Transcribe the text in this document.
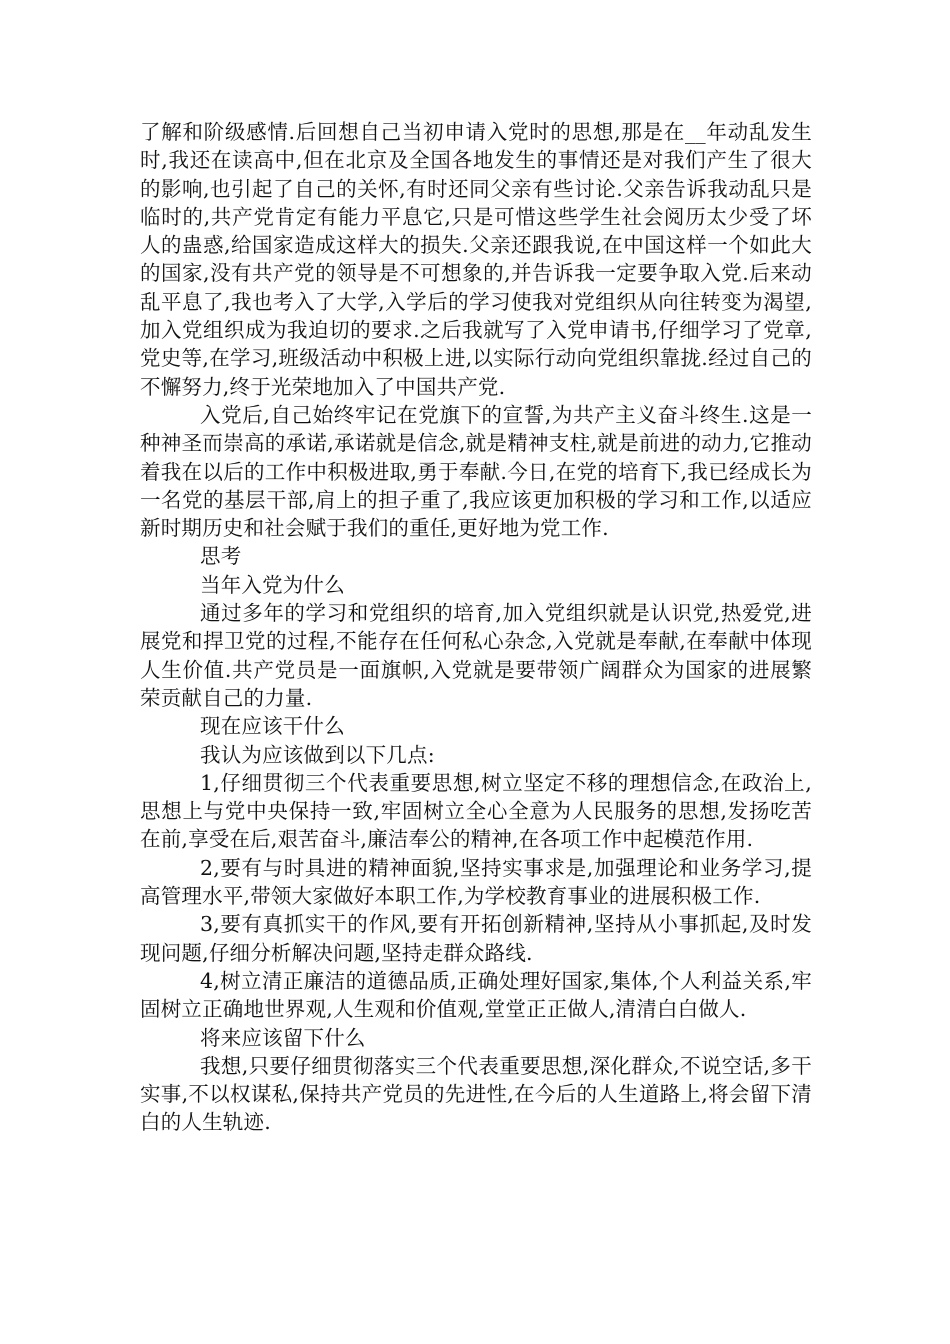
了解和阶级感情.后回想自己当初申请入党时的思想,那是在__年动乱发生时,我还在读高中,但在北京及全国各地发生的事情还是对我们产生了很大的影响,也引起了自己的关怀,有时还同父亲有些讨论.父亲告诉我动乱只是临时的,共产党肯定有能力平息它,只是可惜这些学生社会阅历太少受了坏人的蛊惑,给国家造成这样大的损失.父亲还跟我说,在中国这样一个如此大的国家,没有共产党的领导是不可想象的,并告诉我一定要争取入党.后来动乱平息了,我也考入了大学,入学后的学习使我对党组织从向往转变为渴望,加入党组织成为我迫切的要求.之后我就写了入党申请书,仔细学习了党章,党史等,在学习,班级活动中积极上进,以实际行动向党组织靠拢.经过自己的不懈努力,终于光荣地加入了中国共产党.

入党后,自己始终牢记在党旗下的宣誓,为共产主义奋斗终生.这是一种神圣而崇高的承诺,承诺就是信念,就是精神支柱,就是前进的动力,它推动着我在以后的工作中积极进取,勇于奉献.今日,在党的培育下,我已经成长为一名党的基层干部,肩上的担子重了,我应该更加积极的学习和工作,以适应新时期历史和社会赋于我们的重任,更好地为党工作.

思考

当年入党为什么

通过多年的学习和党组织的培育,加入党组织就是认识党,热爱党,进展党和捍卫党的过程,不能存在任何私心杂念,入党就是奉献,在奉献中体现人生价值.共产党员是一面旗帜,入党就是要带领广阔群众为国家的进展繁荣贡献自己的力量.

现在应该干什么

我认为应该做到以下几点:

1,仔细贯彻三个代表重要思想,树立坚定不移的理想信念,在政治上,思想上与党中央保持一致,牢固树立全心全意为人民服务的思想,发扬吃苦在前,享受在后,艰苦奋斗,廉洁奉公的精神,在各项工作中起模范作用.

2,要有与时具进的精神面貌,坚持实事求是,加强理论和业务学习,提高管理水平,带领大家做好本职工作,为学校教育事业的进展积极工作.

3,要有真抓实干的作风,要有开拓创新精神,坚持从小事抓起,及时发现问题,仔细分析解决问题,坚持走群众路线.

4,树立清正廉洁的道德品质,正确处理好国家,集体,个人利益关系,牢固树立正确地世界观,人生观和价值观,堂堂正正做人,清清白白做人.

将来应该留下什么

我想,只要仔细贯彻落实三个代表重要思想,深化群众,不说空话,多干实事,不以权谋私,保持共产党员的先进性,在今后的人生道路上,将会留下清白的人生轨迹.
